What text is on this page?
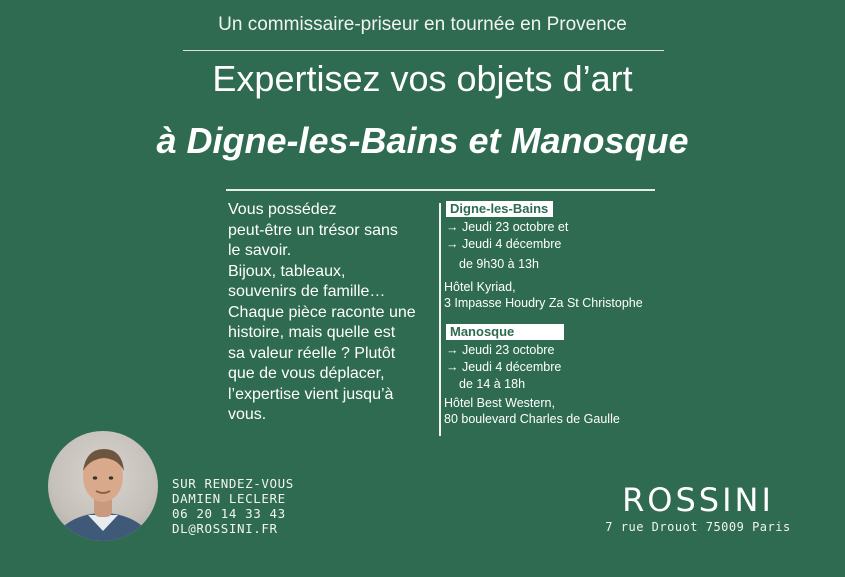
Un commissaire-priseur en tournée en Provence
Expertisez vos objets d’art
à Digne-les-Bains et Manosque
Vous possédez
peut-être un trésor sans
le savoir.
Bijoux, tableaux,
souvenirs de famille…
Chaque pièce raconte une
histoire, mais quelle est
sa valeur réelle ? Plutôt
que de vous déplacer,
l’expertise vient jusqu’à
vous.
Digne-les-Bains
→ Jeudi 23 octobre et
→ Jeudi 4 décembre
de 9h30 à 13h
Hôtel Kyriad,
3 Impasse Houdry Za St Christophe
Manosque
→ Jeudi 23 octobre
→ Jeudi 4 décembre
de 14 à 18h
Hôtel Best Western,
80 boulevard Charles de Gaulle
SUR RENDEZ-VOUS
DAMIEN LECLERE
06 20 14 33 43
DL@ROSSINI.FR
ROSSINI
7 rue Drouot 75009 Paris
